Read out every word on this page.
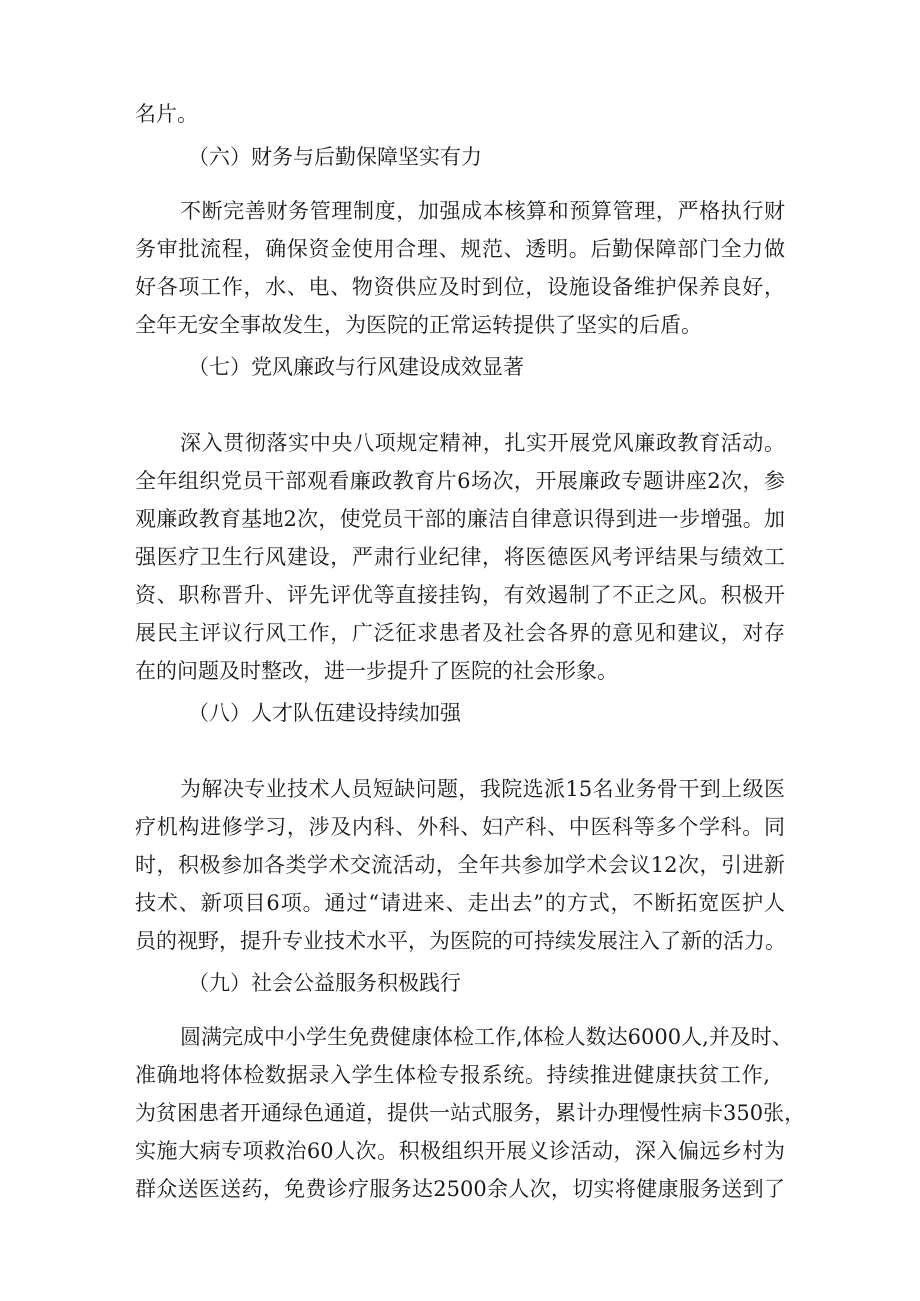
名片。
（六）财务与后勤保障坚实有力
不断完善财务管理制度，加强成本核算和预算管理，严格执行财
务审批流程，确保资金使用合理、规范、透明。后勤保障部门全力做
好各项工作，水、电、物资供应及时到位，设施设备维护保养良好，
全年无安全事故发生，为医院的正常运转提供了坚实的后盾。
（七）党风廉政与行风建设成效显著
深入贯彻落实中央八项规定精神，扎实开展党风廉政教育活动。
全年组织党员干部观看廉政教育片6场次，开展廉政专题讲座2次，参
观廉政教育基地2次，使党员干部的廉洁自律意识得到进一步增强。加
强医疗卫生行风建设，严肃行业纪律，将医德医风考评结果与绩效工
资、职称晋升、评先评优等直接挂钩，有效遏制了不正之风。积极开
展民主评议行风工作，广泛征求患者及社会各界的意见和建议，对存
在的问题及时整改，进一步提升了医院的社会形象。
（八）人才队伍建设持续加强
为解决专业技术人员短缺问题，我院选派15名业务骨干到上级医
疗机构进修学习，涉及内科、外科、妇产科、中医科等多个学科。同
时，积极参加各类学术交流活动，全年共参加学术会议12次，引进新
技术、新项目6项。通过“请进来、走出去”的方式，不断拓宽医护人
员的视野，提升专业技术水平，为医院的可持续发展注入了新的活力。
（九）社会公益服务积极践行
圆满完成中小学生免费健康体检工作,体检人数达6000人,并及时、
准确地将体检数据录入学生体检专报系统。持续推进健康扶贫工作,
为贫困患者开通绿色通道，提供一站式服务，累计办理慢性病卡350张，
实施大病专项救治60人次。积极组织开展义诊活动，深入偏远乡村为
群众送医送药，免费诊疗服务达2500余人次，切实将健康服务送到了
